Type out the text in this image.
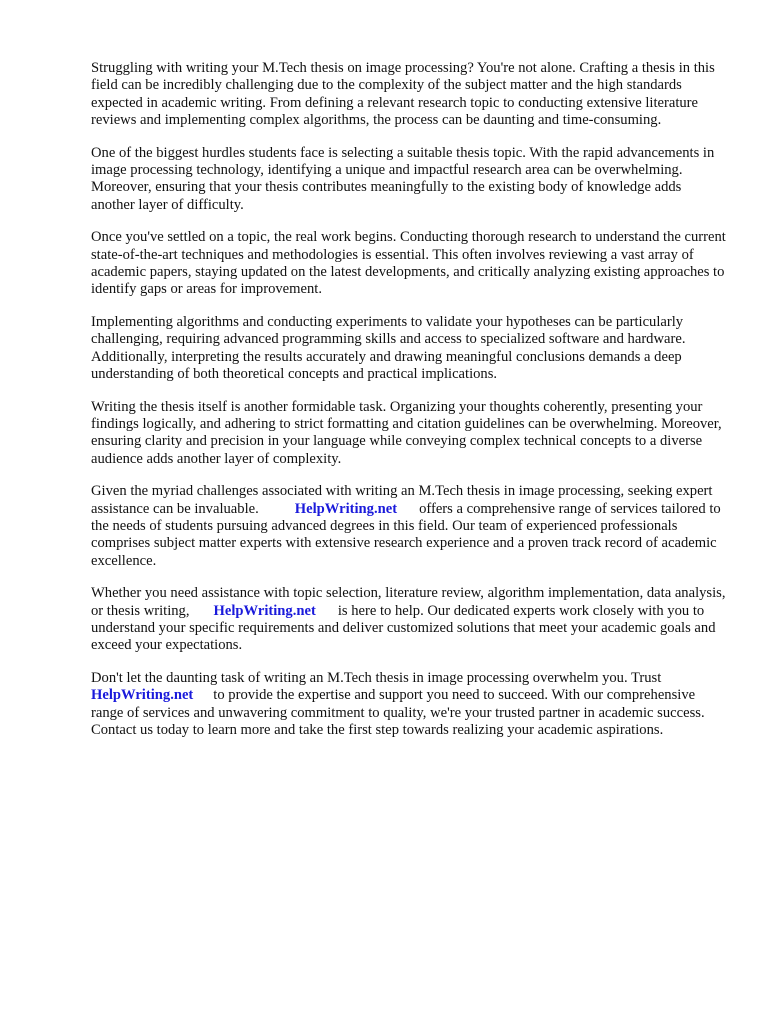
Struggling with writing your M.Tech thesis on image processing? You're not alone. Crafting a thesis in this field can be incredibly challenging due to the complexity of the subject matter and the high standards expected in academic writing. From defining a relevant research topic to conducting extensive literature reviews and implementing complex algorithms, the process can be daunting and time-consuming.

One of the biggest hurdles students face is selecting a suitable thesis topic. With the rapid advancements in image processing technology, identifying a unique and impactful research area can be overwhelming. Moreover, ensuring that your thesis contributes meaningfully to the existing body of knowledge adds another layer of difficulty.

Once you've settled on a topic, the real work begins. Conducting thorough research to understand the current state-of-the-art techniques and methodologies is essential. This often involves reviewing a vast array of academic papers, staying updated on the latest developments, and critically analyzing existing approaches to identify gaps or areas for improvement.

Implementing algorithms and conducting experiments to validate your hypotheses can be particularly challenging, requiring advanced programming skills and access to specialized software and hardware. Additionally, interpreting the results accurately and drawing meaningful conclusions demands a deep understanding of both theoretical concepts and practical implications.

Writing the thesis itself is another formidable task. Organizing your thoughts coherently, presenting your findings logically, and adhering to strict formatting and citation guidelines can be overwhelming. Moreover, ensuring clarity and precision in your language while conveying complex technical concepts to a diverse audience adds another layer of complexity.

Given the myriad challenges associated with writing an M.Tech thesis in image processing, seeking expert assistance can be invaluable. HelpWriting.net offers a comprehensive range of services tailored to the needs of students pursuing advanced degrees in this field. Our team of experienced professionals comprises subject matter experts with extensive research experience and a proven track record of academic excellence.

Whether you need assistance with topic selection, literature review, algorithm implementation, data analysis, or thesis writing, HelpWriting.net is here to help. Our dedicated experts work closely with you to understand your specific requirements and deliver customized solutions that meet your academic goals and exceed your expectations.

Don't let the daunting task of writing an M.Tech thesis in image processing overwhelm you. Trust HelpWriting.net to provide the expertise and support you need to succeed. With our comprehensive range of services and unwavering commitment to quality, we're your trusted partner in academic success. Contact us today to learn more and take the first step towards realizing your academic aspirations.
